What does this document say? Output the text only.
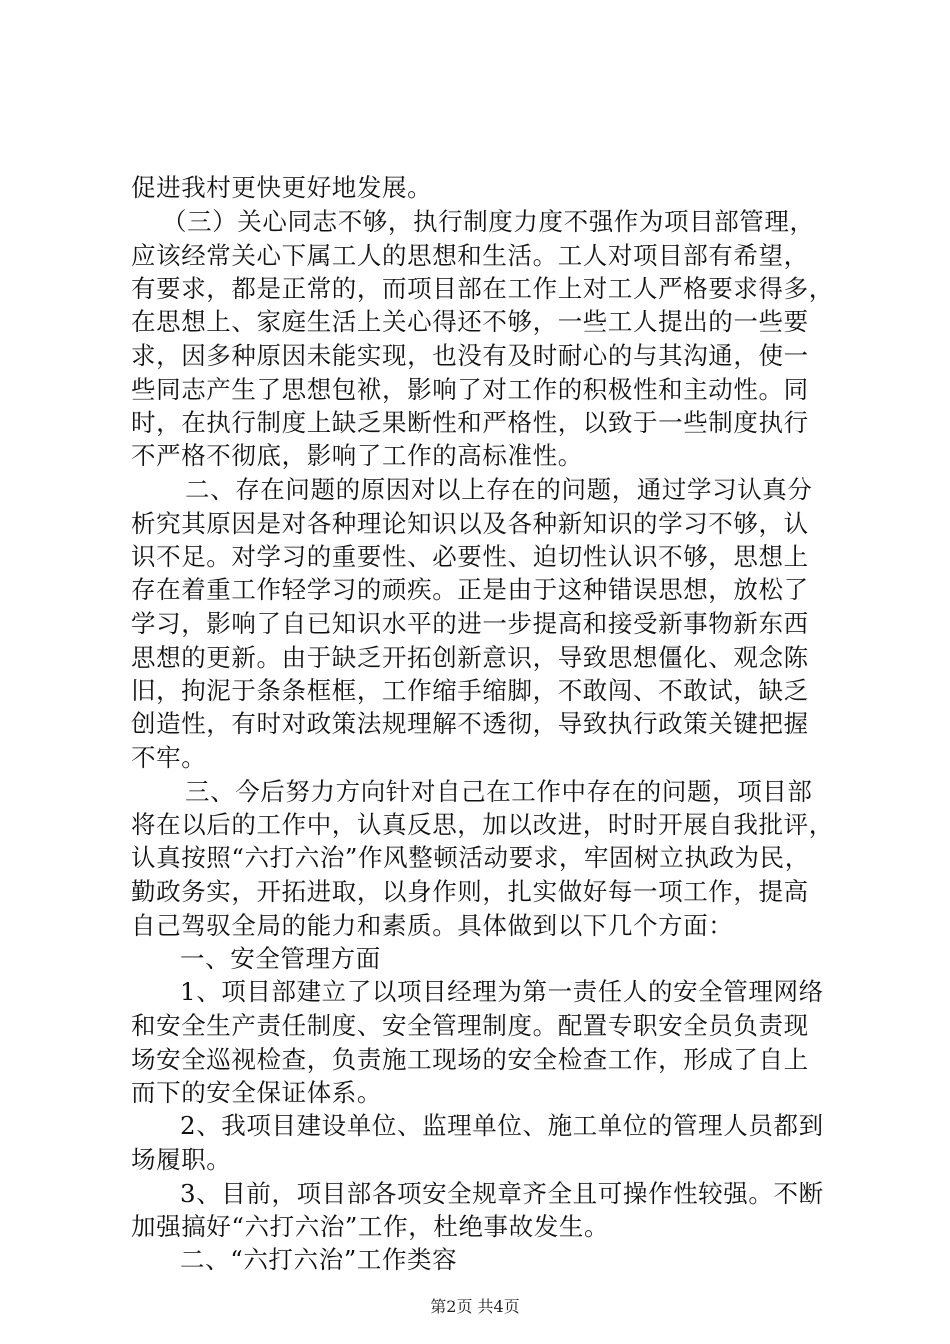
促进我村更快更好地发展。
（三）关心同志不够，执行制度力度不强作为项目部管理，
应该经常关心下属工人的思想和生活。工人对项目部有希望，
有要求，都是正常的，而项目部在工作上对工人严格要求得多，
在思想上、家庭生活上关心得还不够，一些工人提出的一些要
求，因多种原因未能实现，也没有及时耐心的与其沟通，使一
些同志产生了思想包袱，影响了对工作的积极性和主动性。同
时，在执行制度上缺乏果断性和严格性，以致于一些制度执行
不严格不彻底，影响了工作的高标准性。
二、存在问题的原因对以上存在的问题，通过学习认真分
析究其原因是对各种理论知识以及各种新知识的学习不够，认
识不足。对学习的重要性、必要性、迫切性认识不够，思想上
存在着重工作轻学习的顽疾。正是由于这种错误思想，放松了
学习，影响了自已知识水平的进一步提高和接受新事物新东西
思想的更新。由于缺乏开拓创新意识，导致思想僵化、观念陈
旧，拘泥于条条框框，工作缩手缩脚，不敢闯、不敢试，缺乏
创造性，有时对政策法规理解不透彻，导致执行政策关键把握
不牢。
三、今后努力方向针对自己在工作中存在的问题，项目部
将在以后的工作中，认真反思，加以改进，时时开展自我批评，
认真按照“六打六治”作风整顿活动要求，牢固树立执政为民，
勤政务实，开拓进取，以身作则，扎实做好每一项工作，提高
自己驾驭全局的能力和素质。具体做到以下几个方面：
一、安全管理方面
1、项目部建立了以项目经理为第一责任人的安全管理网络
和安全生产责任制度、安全管理制度。配置专职安全员负责现
场安全巡视检查，负责施工现场的安全检查工作，形成了自上
而下的安全保证体系。
2、我项目建设单位、监理单位、施工单位的管理人员都到
场履职。
3、目前，项目部各项安全规章齐全且可操作性较强。不断
加强搞好“六打六治”工作，杜绝事故发生。
二、“六打六治”工作类容
第2页 共4页
